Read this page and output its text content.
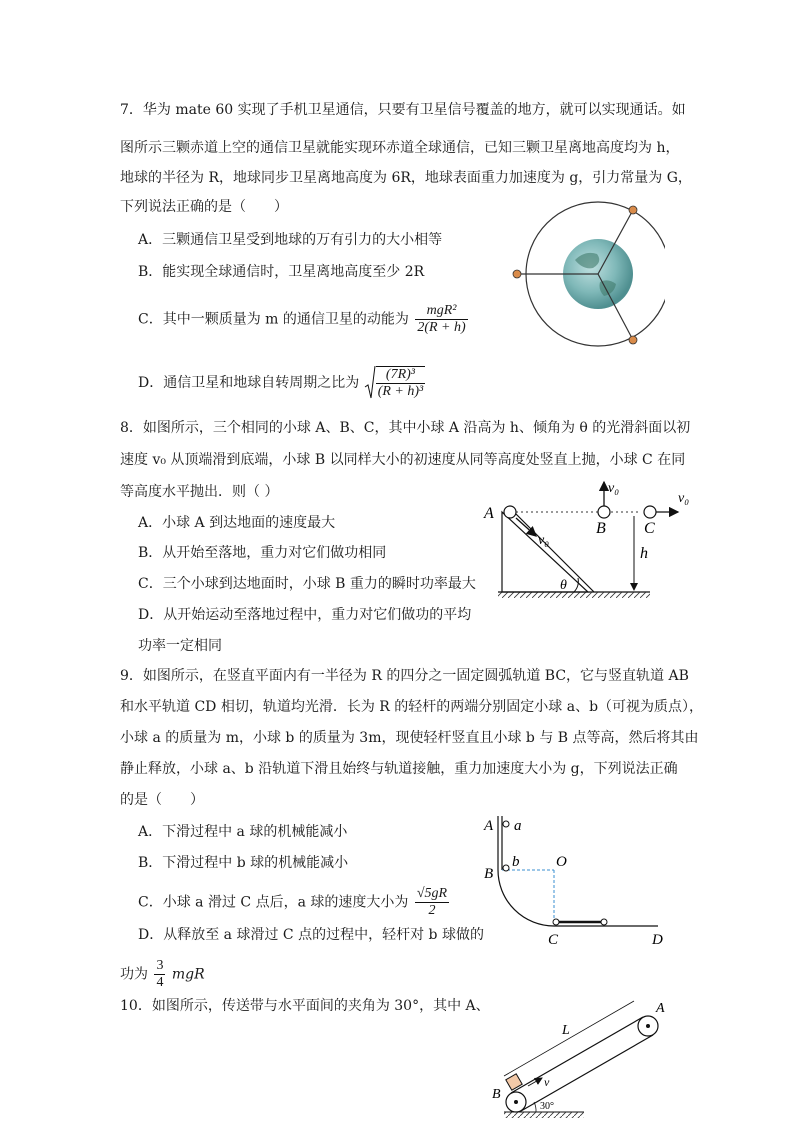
7．华为 mate 60 实现了手机卫星通信，只要有卫星信号覆盖的地方，就可以实现通话。如
图所示三颗赤道上空的通信卫星就能实现环赤道全球通信，已知三颗卫星离地高度均为 h，
地球的半径为 R，地球同步卫星离地高度为 6R，地球表面重力加速度为 g，引力常量为 G，
下列说法正确的是（　　）
A．三颗通信卫星受到地球的万有引力的大小相等
B．能实现全球通信时，卫星离地高度至少 2R
C．其中一颗质量为 m 的通信卫星的动能为 $\frac{\text{mgR²}}{2(R + h)}$
D．通信卫星和地球自转周期之比为 $\frac{\text{(7R)³}}{\text{(R + h)³}}$
8．如图所示，三个相同的小球 A、B、C，其中小球 A 沿高为 h、倾角为 θ 的光滑斜面以初
速度 v₀ 从顶端滑到底端，小球 B 以同样大小的初速度从同等高度处竖直上抛，小球 C 在同
等高度水平抛出．则（ ）
A．小球 A 到达地面的速度最大
B．从开始至落地，重力对它们做功相同
C．三个小球到达地面时，小球 B 重力的瞬时功率最大
D．从开始运动至落地过程中，重力对它们做功的平均
功率一定相同
A
B C
h
θ
v₀
v₀
v₀
9．如图所示，在竖直平面内有一半径为 R 的四分之一固定圆弧轨道 BC，它与竖直轨道 AB
和水平轨道 CD 相切，轨道均光滑．长为 R 的轻杆的两端分别固定小球 a、b（可视为质点），
小球 a 的质量为 m，小球 b 的质量为 3m，现使轻杆竖直且小球 b 与 B 点等高，然后将其由
静止释放，小球 a、b 沿轨道下滑且始终与轨道接触，重力加速度大小为 g，下列说法正确
的是（　　）
A．下滑过程中 a 球的机械能减小
B．下滑过程中 b 球的机械能减小
C．小球 a 滑过 C 点后，a 球的速度大小为 $\frac{√5gR}{2}$
D．从释放至 a 球滑过 C 点的过程中，轻杆对 b 球做的
功为 $\frac{3}{4}$ mgR
A a
B
b O
C	D
10．如图所示，传送带与水平面间的夹角为 30°，其中 A、	A
B
L
v
30°
